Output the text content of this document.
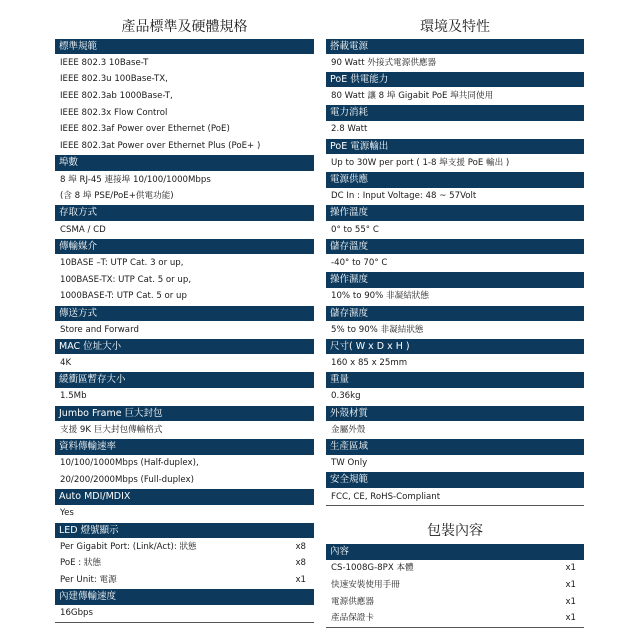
產品標準及硬體規格
標準規範
IEEE 802.3 10Base-T
IEEE 802.3u 100Base-TX,
IEEE 802.3ab 1000Base-T,
IEEE 802.3x Flow Control
IEEE 802.3af Power over Ethernet (PoE)
IEEE 802.3at Power over Ethernet Plus (PoE+ )
埠數
8 埠 RJ-45 連接埠 10/100/1000Mbps
(含 8 埠 PSE/PoE+供電功能)
存取方式
CSMA / CD
傳輸媒介
10BASE –T: UTP Cat. 3 or up,
100BASE-TX: UTP Cat. 5 or up,
1000BASE-T: UTP Cat. 5 or up
傳送方式
Store and Forward
MAC 位址大小
4K
緩衝區暫存大小
1.5Mb
Jumbo Frame 巨大封包
支援 9K 巨大封包傳輸格式
資料傳輸速率
10/100/1000Mbps (Half-duplex),
20/200/2000Mbps (Full-duplex)
Auto MDI/MDIX
Yes
LED 燈號顯示
Per Gigabit Port: (Link/Act): 狀態	x8
PoE : 狀態	x8
Per Unit: 電源	x1
內建傳輸速度
16Gbps
環境及特性
搭載電源
90 Watt 外接式電源供應器
PoE 供電能力
80 Watt 讓 8 埠 Gigabit PoE 埠共同使用
電力消耗
2.8 Watt
PoE 電源輸出
Up to 30W per port ( 1-8 埠支援 PoE 輸出 )
電源供應
DC In : Input Voltage: 48 ~ 57Volt
操作溫度
0° to 55° C
儲存溫度
-40° to 70° C
操作濕度
10% to 90% 非凝結狀態
儲存濕度
5% to 90% 非凝結狀態
尺寸( W x D x H )
160 x 85 x 25mm
重量
0.36kg
外殼材質
金屬外殼
生產區域
TW Only
安全規範
FCC, CE, RoHS-Compliant
包裝內容
內容
CS-1008G-8PX 本體	x1
快速安裝使用手冊	x1
電源供應器	x1
產品保證卡	x1
